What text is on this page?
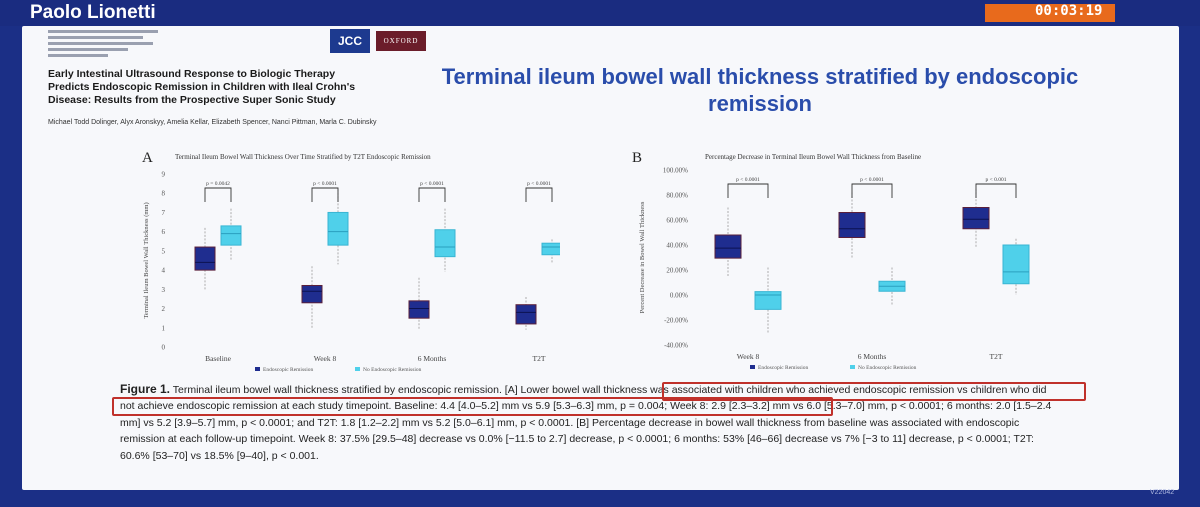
Paolo Lionetti	00:03:19
JCC	OXFORD
Early Intestinal Ultrasound Response to Biologic Therapy Predicts Endoscopic Remission in Children with Ileal Crohn's Disease: Results from the Prospective Super Sonic Study
Michael Todd Dolinger, Alyx Aronskyy, Amelia Kellar, Elizabeth Spencer, Nanci Pittman, Marla C. Dubinsky
Terminal ileum bowel wall thickness stratified by endoscopic remission
A	Terminal Ileum Bowel Wall Thickness Over Time Stratified by T2T Endoscopic Remission
Terminal Ileum Bowel Wall Thickness (mm)
0
1
2
3
4
5
6
7
8
9
Baseline
p = 0.0042
Week 8
p < 0.0001
6 Months
p < 0.0001
T2T
p < 0.0001
Endoscopic Remission	No Endoscopic Remission
B	Percentage Decrease in Terminal Ileum Bowel Wall Thickness from Baseline
Percent Decrease in Bowel Wall Thickness
-40.00%
-20.00%
0.00%
20.00%
40.00%
60.00%
80.00%
100.00%
Week 8
p < 0.0001
6 Months
p < 0.0001
T2T
p < 0.001
Endoscopic Remission	No Endoscopic Remission
Figure 1. Terminal ileum bowel wall thickness stratified by endoscopic remission. [A] Lower bowel wall thickness was associated with children who achieved endoscopic remission vs children who did not achieve endoscopic remission at each study timepoint. Baseline: 4.4 [4.0–5.2] mm vs 5.9 [5.3–6.3] mm, p = 0.004; Week 8: 2.9 [2.3–3.2] mm vs 6.0 [5.3–7.0] mm, p < 0.0001; 6 months: 2.0 [1.5–2.4 mm] vs 5.2 [3.9–5.7] mm, p < 0.0001; and T2T: 1.8 [1.2–2.2] mm vs 5.2 [5.0–6.1] mm, p < 0.0001. [B] Percentage decrease in bowel wall thickness from baseline was associated with endoscopic remission at each follow-up timepoint. Week 8: 37.5% [29.5–48] decrease vs 0.0% [−11.5 to 2.7] decrease, p < 0.0001; 6 months: 53% [46–66] decrease vs 7% [−3 to 11] decrease, p < 0.0001; T2T: 60.6% [53–70] vs 18.5% [9–40], p < 0.001.
V22042
